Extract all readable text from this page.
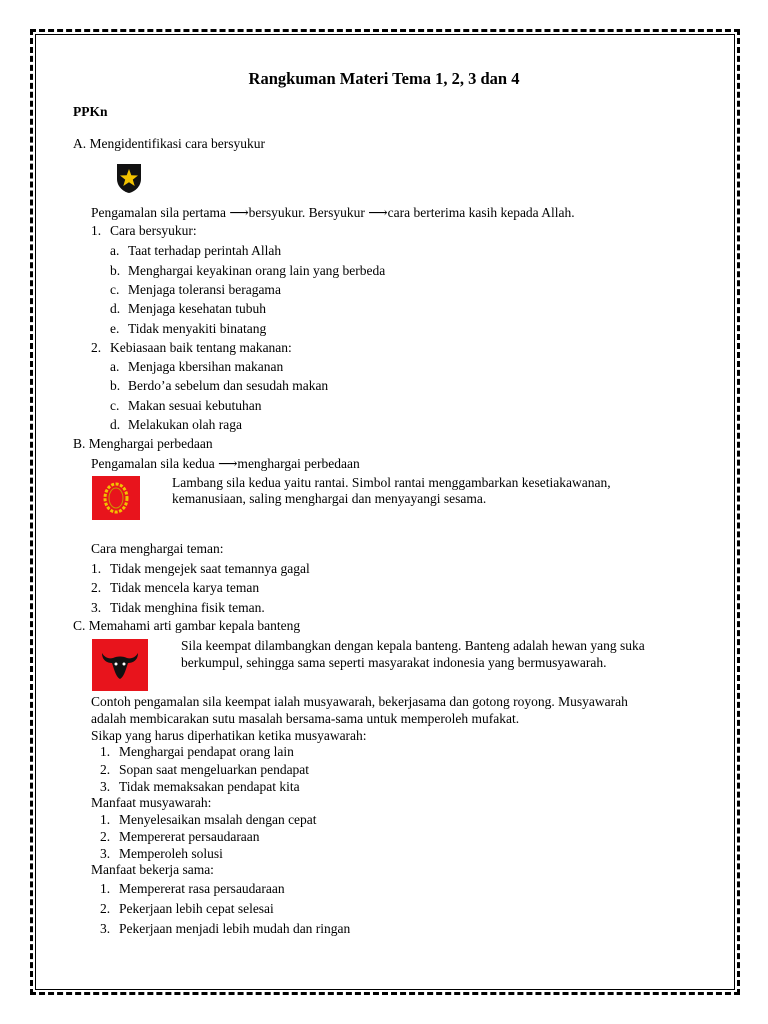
Rangkuman Materi Tema 1, 2, 3 dan 4
PPKn
A. Mengidentifikasi cara bersyukur
Pengamalan sila pertama ⟶bersyukur. Bersyukur ⟶cara berterima kasih kepada Allah.
1. Cara bersyukur:
a. Taat terhadap perintah Allah
b. Menghargai keyakinan orang lain yang berbeda
c. Menjaga toleransi beragama
d. Menjaga kesehatan tubuh
e. Tidak menyakiti binatang
2. Kebiasaan baik tentang makanan:
a. Menjaga kbersihan makanan
b. Berdo’a sebelum dan sesudah makan
c. Makan sesuai kebutuhan
d. Melakukan olah raga
B. Menghargai perbedaan
Pengamalan sila kedua ⟶menghargai perbedaan
Lambang sila kedua yaitu rantai. Simbol rantai menggambarkan kesetiakawanan,
kemanusiaan, saling menghargai dan menyayangi sesama.
Cara menghargai teman:
1. Tidak mengejek saat temannya gagal
2. Tidak mencela karya teman
3. Tidak menghina fisik teman.
C. Memahami arti gambar kepala banteng
Sila keempat dilambangkan dengan kepala banteng. Banteng adalah hewan yang suka
berkumpul, sehingga sama seperti masyarakat indonesia yang bermusyawarah.
Contoh pengamalan sila keempat ialah musyawarah, bekerjasama dan gotong royong. Musyawarah
adalah membicarakan sutu masalah bersama-sama untuk memperoleh mufakat.
Sikap yang harus diperhatikan ketika musyawarah:
1. Menghargai pendapat orang lain
2. Sopan saat mengeluarkan pendapat
3. Tidak memaksakan pendapat kita
Manfaat musyawarah:
1. Menyelesaikan msalah dengan cepat
2. Mempererat persaudaraan
3. Memperoleh solusi
Manfaat bekerja sama:
1. Mempererat rasa persaudaraan
2. Pekerjaan lebih cepat selesai
3. Pekerjaan menjadi lebih mudah dan ringan
